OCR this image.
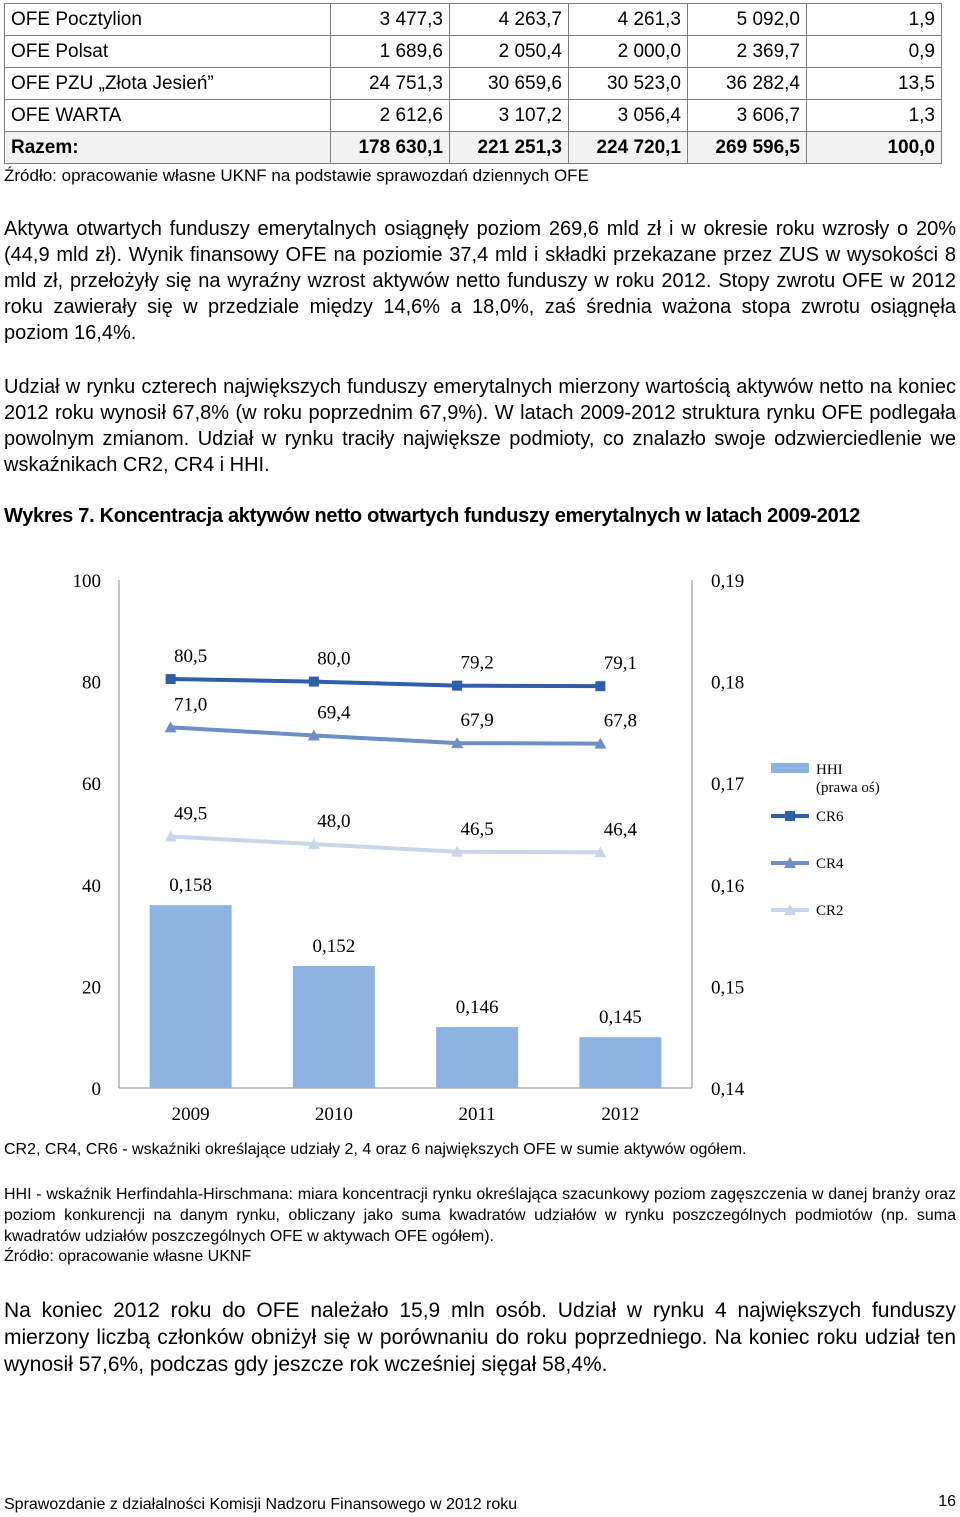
OFE Pocztylion	3 477,3	4 263,7	4 261,3	5 092,0	1,9
OFE Polsat	1 689,6	2 050,4	2 000,0	2 369,7	0,9
OFE PZU „Złota Jesień”	24 751,3	30 659,6	30 523,0	36 282,4	13,5
OFE WARTA	2 612,6	3 107,2	3 056,4	3 606,7	1,3
Razem:	178 630,1	221 251,3	224 720,1	269 596,5	100,0
Źródło: opracowanie własne UKNF na podstawie sprawozdań dziennych OFE

Aktywa otwartych funduszy emerytalnych osiągnęły poziom 269,6 mld zł i w okresie roku wzrosły o 20% (44,9 mld zł). Wynik finansowy OFE na poziomie 37,4 mld i składki przekazane przez ZUS w wysokości 8 mld zł, przełożyły się na wyraźny wzrost aktywów netto funduszy w roku 2012. Stopy zwrotu OFE w 2012 roku zawierały się w przedziale między 14,6% a 18,0%, zaś średnia ważona stopa zwrotu osiągnęła poziom 16,4%.

Udział w rynku czterech największych funduszy emerytalnych mierzony wartością aktywów netto na koniec 2012 roku wynosił 67,8% (w roku poprzednim 67,9%). W latach 2009-2012 struktura rynku OFE podlegała powolnym zmianom. Udział w rynku traciły największe podmioty, co znalazło swoje odzwierciedlenie we wskaźnikach CR2, CR4 i HHI.

Wykres 7. Koncentracja aktywów netto otwartych funduszy emerytalnych w latach 2009-2012
0
20
40
60
80
100
0,14
0,15
0,16
0,17
0,18
0,19
2009	2010	2011	2012
0,158
0,152
0,146	0,145
80,5	80,0	79,2	79,1
71,0	69,4	67,9	67,8
49,5	48,0	46,5	46,4
HHI
(prawa oś)
CR6
CR4
CR2
CR2, CR4, CR6 - wskaźniki określające udziały 2, 4 oraz 6 największych OFE w sumie aktywów ogółem.

HHI - wskaźnik Herfindahla-Hirschmana: miara koncentracji rynku określająca szacunkowy poziom zagęszczenia w danej branży oraz poziom konkurencji na danym rynku, obliczany jako suma kwadratów udziałów w rynku poszczególnych podmiotów (np. suma kwadratów udziałów poszczególnych OFE w aktywach OFE ogółem).

Źródło: opracowanie własne UKNF

Na koniec 2012 roku do OFE należało 15,9 mln osób. Udział w rynku 4 największych funduszy mierzony liczbą członków obniżył się w porównaniu do roku poprzedniego. Na koniec roku udział ten wynosił 57,6%, podczas gdy jeszcze rok wcześniej sięgał 58,4%.

Sprawozdanie z działalności Komisji Nadzoru Finansowego w 2012 roku	16
